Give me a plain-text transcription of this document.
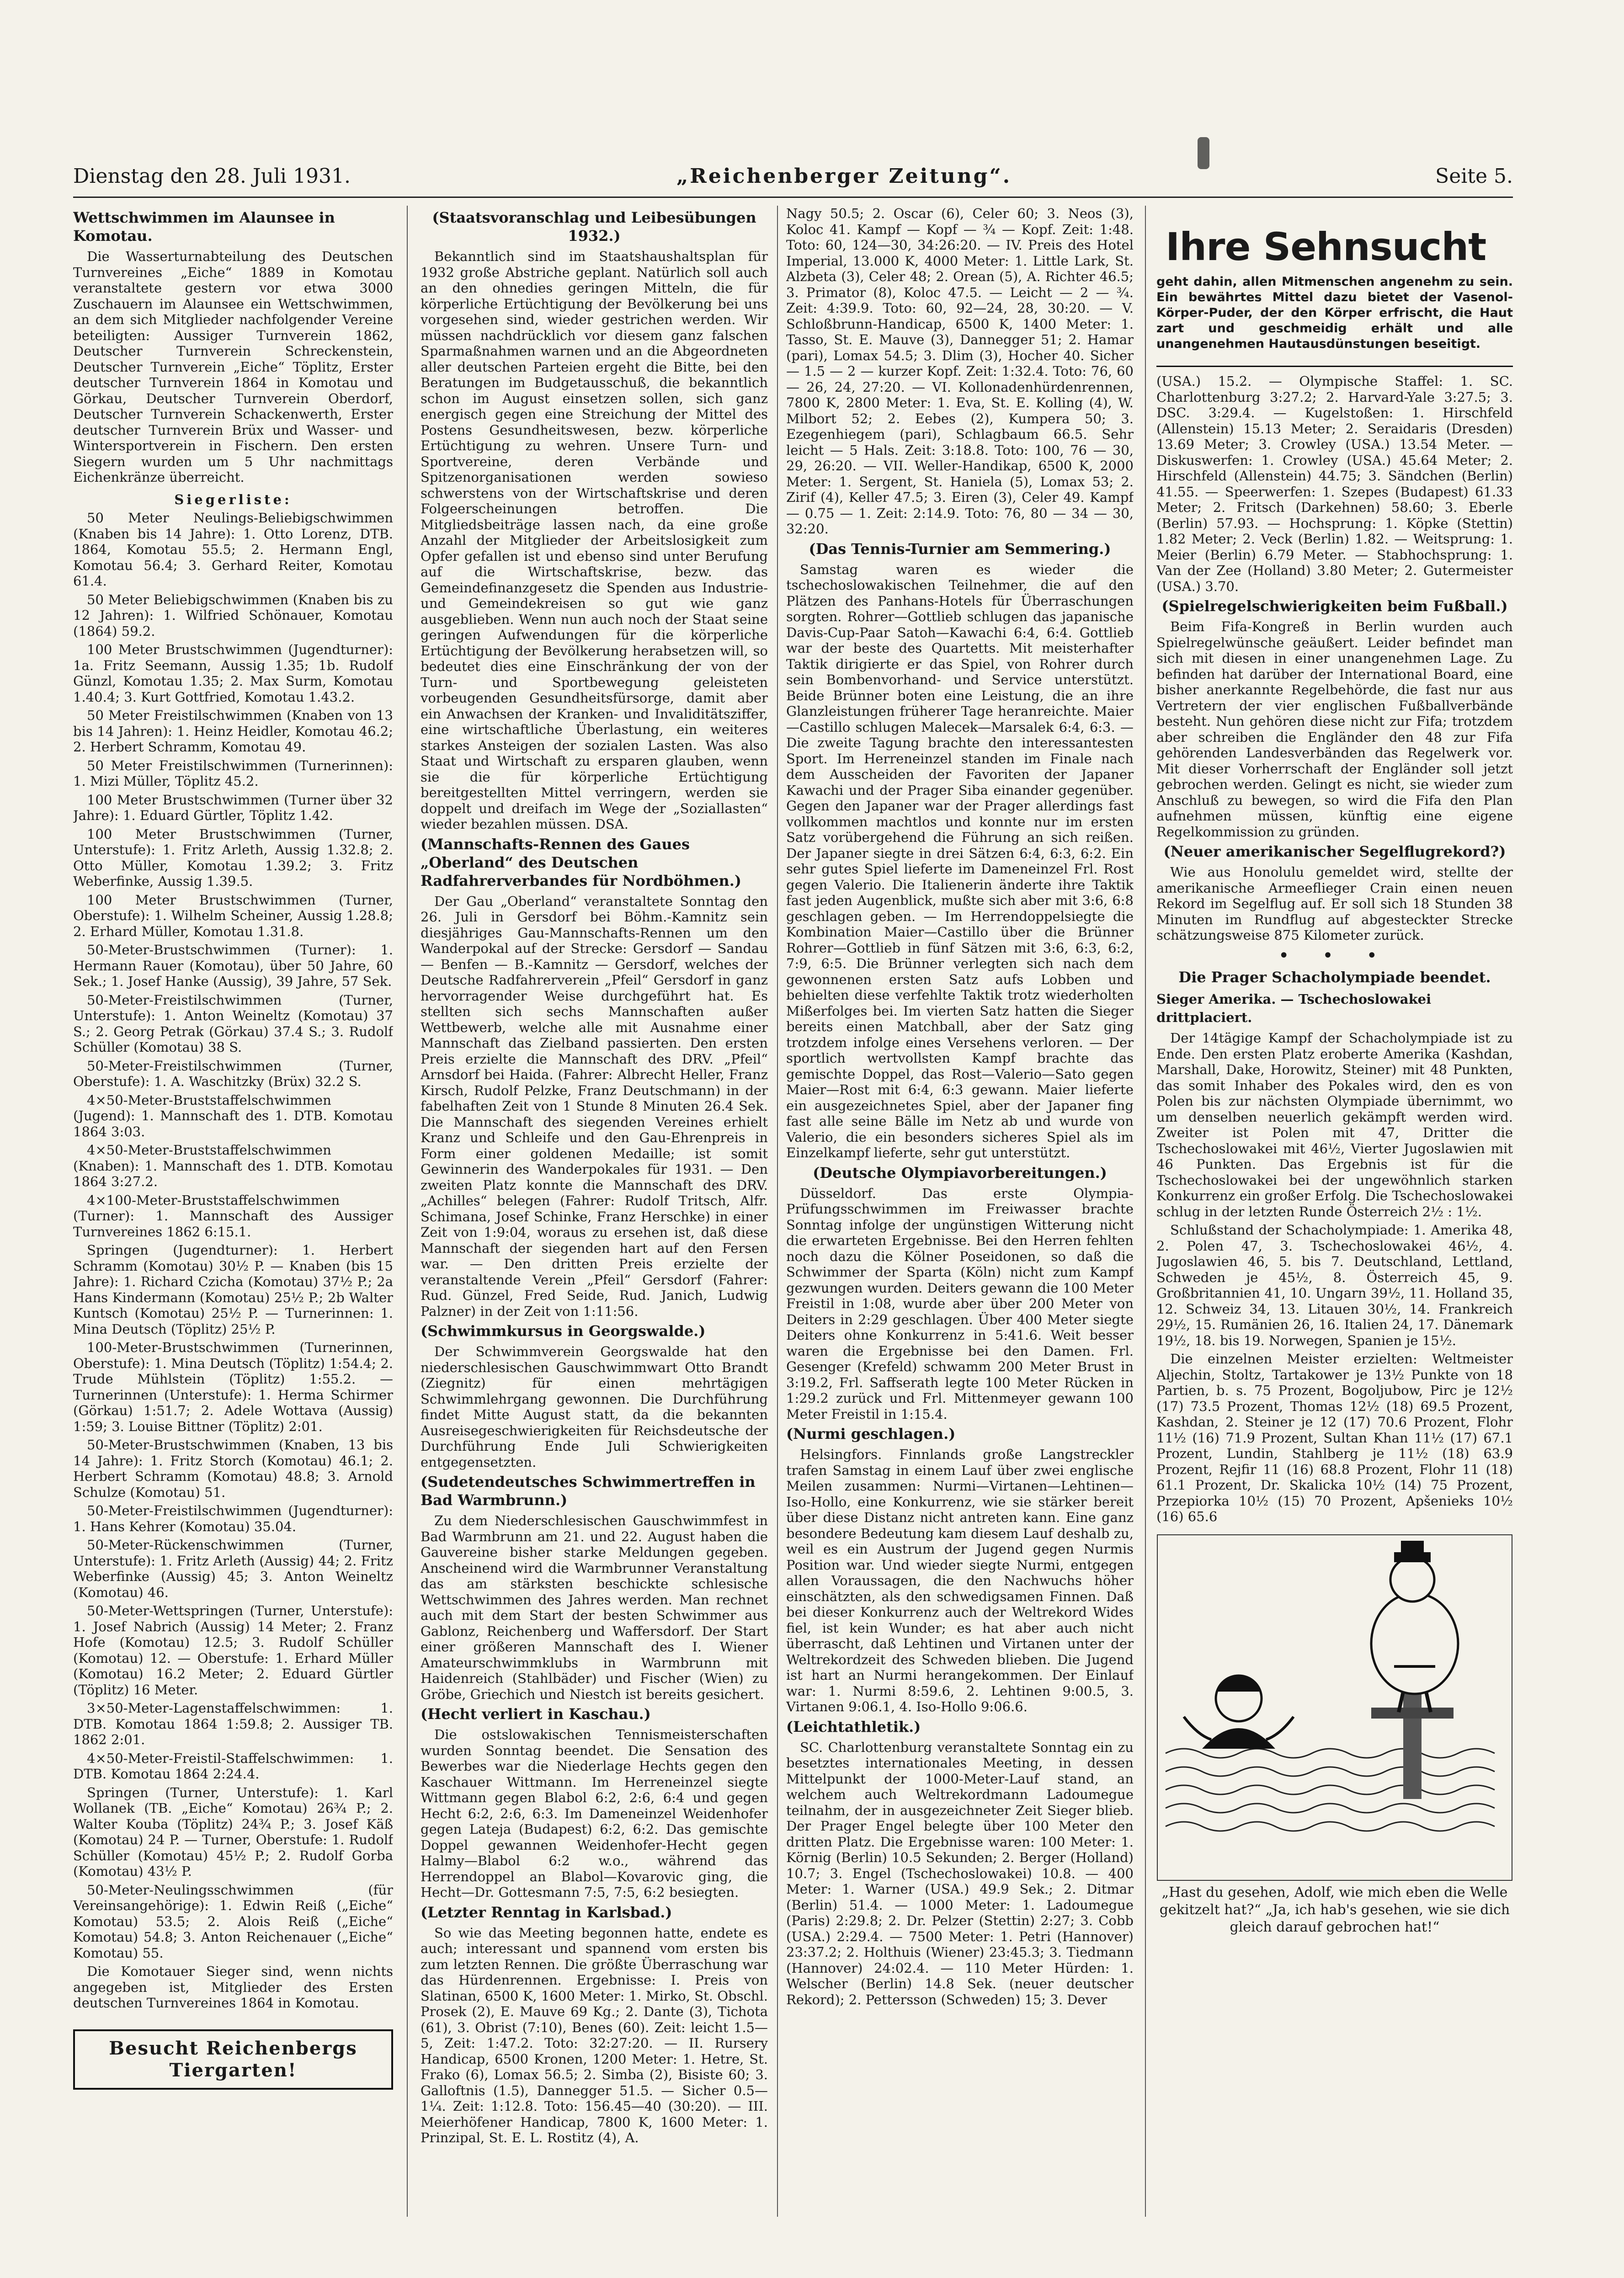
Dienstag den 28. Juli 1931.	„Reichenberger Zeitung“.	Seite 5.
Wettschwimmen im Alaunsee in Komotau.

Die Wasserturnabteilung des Deutschen Turnvereines „Eiche“ 1889 in Komotau veranstaltete gestern vor etwa 3000 Zuschauern im Alaunsee ein Wettschwimmen, an dem sich Mitglieder nachfolgender Vereine beteiligten: Aussiger Turnverein 1862, Deutscher Turnverein Schreckenstein, Deutscher Turnverein „Eiche“ Töplitz, Erster deutscher Turnverein 1864 in Komotau und Görkau, Deutscher Turnverein Oberdorf, Deutscher Turnverein Schackenwerth, Erster deutscher Turnverein Brüx und Wasser- und Wintersportverein in Fischern. Den ersten Siegern wurden um 5 Uhr nachmittags Eichenkränze überreicht.

Siegerliste:

50 Meter Neulings-Beliebigschwimmen (Knaben bis 14 Jahre): 1. Otto Lorenz, DTB. 1864, Komotau 55.5; 2. Hermann Engl, Komotau 56.4; 3. Gerhard Reiter, Komotau 61.4.

50 Meter Beliebigschwimmen (Knaben bis zu 12 Jahren): 1. Wilfried Schönauer, Komotau (1864) 59.2.

100 Meter Brustschwimmen (Jugendturner): 1a. Fritz Seemann, Aussig 1.35; 1b. Rudolf Günzl, Komotau 1.35; 2. Max Surm, Komotau 1.40.4; 3. Kurt Gottfried, Komotau 1.43.2.

50 Meter Freistilschwimmen (Knaben von 13 bis 14 Jahren): 1. Heinz Heidler, Komotau 46.2; 2. Herbert Schramm, Komotau 49.

50 Meter Freistilschwimmen (Turnerinnen): 1. Mizi Müller, Töplitz 45.2.

100 Meter Brustschwimmen (Turner über 32 Jahre): 1. Eduard Gürtler, Töplitz 1.42.

100 Meter Brustschwimmen (Turner, Unterstufe): 1. Fritz Arleth, Aussig 1.32.8; 2. Otto Müller, Komotau 1.39.2; 3. Fritz Weberfinke, Aussig 1.39.5.

100 Meter Brustschwimmen (Turner, Oberstufe): 1. Wilhelm Scheiner, Aussig 1.28.8; 2. Erhard Müller, Komotau 1.31.8.

50-Meter-Brustschwimmen (Turner): 1. Hermann Rauer (Komotau), über 50 Jahre, 60 Sek.; 1. Josef Hanke (Aussig), 39 Jahre, 57 Sek.

50-Meter-Freistilschwimmen (Turner, Unterstufe): 1. Anton Weineltz (Komotau) 37 S.; 2. Georg Petrak (Görkau) 37.4 S.; 3. Rudolf Schüller (Komotau) 38 S.

50-Meter-Freistilschwimmen (Turner, Oberstufe): 1. A. Waschitzky (Brüx) 32.2 S.

4×50-Meter-Bruststaffelschwimmen (Jugend): 1. Mannschaft des 1. DTB. Komotau 1864 3:03.

4×50-Meter-Bruststaffelschwimmen (Knaben): 1. Mannschaft des 1. DTB. Komotau 1864 3:27.2.

4×100-Meter-Bruststaffelschwimmen (Turner): 1. Mannschaft des Aussiger Turnvereines 1862 6:15.1.

Springen (Jugendturner): 1. Herbert Schramm (Komotau) 30½ P. — Knaben (bis 15 Jahre): 1. Richard Czicha (Komotau) 37½ P.; 2a Hans Kindermann (Komotau) 25½ P.; 2b Walter Kuntsch (Komotau) 25½ P. — Turnerinnen: 1. Mina Deutsch (Töplitz) 25½ P.

100-Meter-Brustschwimmen (Turnerinnen, Oberstufe): 1. Mina Deutsch (Töplitz) 1:54.4; 2. Trude Mühlstein (Töplitz) 1:55.2. — Turnerinnen (Unterstufe): 1. Herma Schirmer (Görkau) 1:51.7; 2. Adele Wottava (Aussig) 1:59; 3. Louise Bittner (Töplitz) 2:01.

50-Meter-Brustschwimmen (Knaben, 13 bis 14 Jahre): 1. Fritz Storch (Komotau) 46.1; 2. Herbert Schramm (Komotau) 48.8; 3. Arnold Schulze (Komotau) 51.

50-Meter-Freistilschwimmen (Jugendturner): 1. Hans Kehrer (Komotau) 35.04.

50-Meter-Rückenschwimmen (Turner, Unterstufe): 1. Fritz Arleth (Aussig) 44; 2. Fritz Weberfinke (Aussig) 45; 3. Anton Weineltz (Komotau) 46.

50-Meter-Wettspringen (Turner, Unterstufe): 1. Josef Nabrich (Aussig) 14 Meter; 2. Franz Hofe (Komotau) 12.5; 3. Rudolf Schüller (Komotau) 12. — Oberstufe: 1. Erhard Müller (Komotau) 16.2 Meter; 2. Eduard Gürtler (Töplitz) 16 Meter.

3×50-Meter-Lagenstaffelschwimmen: 1. DTB. Komotau 1864 1:59.8; 2. Aussiger TB. 1862 2:01.

4×50-Meter-Freistil-Staffelschwimmen: 1. DTB. Komotau 1864 2:24.4.

Springen (Turner, Unterstufe): 1. Karl Wollanek (TB. „Eiche“ Komotau) 26¾ P.; 2. Walter Kouba (Töplitz) 24¾ P.; 3. Josef Käß (Komotau) 24 P. — Turner, Oberstufe: 1. Rudolf Schüller (Komotau) 45½ P.; 2. Rudolf Gorba (Komotau) 43½ P.

50-Meter-Neulingsschwimmen (für Vereinsangehörige): 1. Edwin Reiß („Eiche“ Komotau) 53.5; 2. Alois Reiß („Eiche“ Komotau) 54.8; 3. Anton Reichenauer („Eiche“ Komotau) 55.

Die Komotauer Sieger sind, wenn nichts angegeben ist, Mitglieder des Ersten deutschen Turnvereines 1864 in Komotau.

Besucht Reichenbergs Tiergarten!
(Staatsvoranschlag und Leibesübungen 1932.)

Bekanntlich sind im Staatshaushaltsplan für 1932 große Abstriche geplant. Natürlich soll auch an den ohnedies geringen Mitteln, die für körperliche Ertüchtigung der Bevölkerung bei uns vorgesehen sind, wieder gestrichen werden. Wir müssen nachdrücklich vor diesem ganz falschen Sparmaßnahmen warnen und an die Abgeordneten aller deutschen Parteien ergeht die Bitte, bei den Beratungen im Budgetausschuß, die bekanntlich schon im August einsetzen sollen, sich ganz energisch gegen eine Streichung der Mittel des Postens Gesundheitswesen, bezw. körperliche Ertüchtigung zu wehren. Unsere Turn- und Sportvereine, deren Verbände und Spitzenorganisationen werden sowieso schwerstens von der Wirtschaftskrise und deren Folgeerscheinungen betroffen. Die Mitgliedsbeiträge lassen nach, da eine große Anzahl der Mitglieder der Arbeitslosigkeit zum Opfer gefallen ist und ebenso sind unter Berufung auf die Wirtschaftskrise, bezw. das Gemeindefinanzgesetz die Spenden aus Industrie- und Gemeindekreisen so gut wie ganz ausgeblieben. Wenn nun auch noch der Staat seine geringen Aufwendungen für die körperliche Ertüchtigung der Bevölkerung herabsetzen will, so bedeutet dies eine Einschränkung der von der Turn- und Sportbewegung geleisteten vorbeugenden Gesundheitsfürsorge, damit aber ein Anwachsen der Kranken- und Invaliditätsziffer, eine wirtschaftliche Überlastung, ein weiteres starkes Ansteigen der sozialen Lasten. Was also Staat und Wirtschaft zu ersparen glauben, wenn sie die für körperliche Ertüchtigung bereitgestellten Mittel verringern, werden sie doppelt und dreifach im Wege der „Soziallasten“ wieder bezahlen müssen. DSA.

(Mannschafts-Rennen des Gaues „Oberland“ des Deutschen Radfahrerverbandes für Nordböhmen.)

Der Gau „Oberland“ veranstaltete Sonntag den 26. Juli in Gersdorf bei Böhm.-Kamnitz sein diesjähriges Gau-Mannschafts-Rennen um den Wanderpokal auf der Strecke: Gersdorf — Sandau — Benfen — B.-Kamnitz — Gersdorf, welches der Deutsche Radfahrerverein „Pfeil“ Gersdorf in ganz hervorragender Weise durchgeführt hat. Es stellten sich sechs Mannschaften außer Wettbewerb, welche alle mit Ausnahme einer Mannschaft das Zielband passierten. Den ersten Preis erzielte die Mannschaft des DRV. „Pfeil“ Arnsdorf bei Haida. (Fahrer: Albrecht Heller, Franz Kirsch, Rudolf Pelzke, Franz Deutschmann) in der fabelhaften Zeit von 1 Stunde 8 Minuten 26.4 Sek. Die Mannschaft des siegenden Vereines erhielt Kranz und Schleife und den Gau-Ehrenpreis in Form einer goldenen Medaille; ist somit Gewinnerin des Wanderpokales für 1931. — Den zweiten Platz konnte die Mannschaft des DRV. „Achilles“ belegen (Fahrer: Rudolf Tritsch, Alfr. Schimana, Josef Schinke, Franz Herschke) in einer Zeit von 1:9:04, woraus zu ersehen ist, daß diese Mannschaft der siegenden hart auf den Fersen war. — Den dritten Preis erzielte der veranstaltende Verein „Pfeil“ Gersdorf (Fahrer: Rud. Günzel, Fred Seide, Rud. Janich, Ludwig Palzner) in der Zeit von 1:11:56.

(Schwimmkursus in Georgswalde.)

Der Schwimmverein Georgswalde hat den niederschlesischen Gauschwimmwart Otto Brandt (Ziegnitz) für einen mehrtägigen Schwimmlehrgang gewonnen. Die Durchführung findet Mitte August statt, da die bekannten Ausreisegeschwierigkeiten für Reichsdeutsche der Durchführung Ende Juli Schwierigkeiten entgegensetzten.

(Sudetendeutsches Schwimmertreffen in Bad Warmbrunn.)

Zu dem Niederschlesischen Gauschwimmfest in Bad Warmbrunn am 21. und 22. August haben die Gauvereine bisher starke Meldungen gegeben. Anscheinend wird die Warmbrunner Veranstaltung das am stärksten beschickte schlesische Wettschwimmen des Jahres werden. Man rechnet auch mit dem Start der besten Schwimmer aus Gablonz, Reichenberg und Waffersdorf. Der Start einer größeren Mannschaft des I. Wiener Amateurschwimmklubs in Warmbrunn mit Haidenreich (Stahlbäder) und Fischer (Wien) zu Gröbe, Griechich und Niestch ist bereits gesichert.

(Hecht verliert in Kaschau.)

Die ostslowakischen Tennismeisterschaften wurden Sonntag beendet. Die Sensation des Bewerbes war die Niederlage Hechts gegen den Kaschauer Wittmann. Im Herreneinzel siegte Wittmann gegen Blabol 6:2, 2:6, 6:4 und gegen Hecht 6:2, 2:6, 6:3. Im Dameneinzel Weidenhofer gegen Lateja (Budapest) 6:2, 6:2. Das gemischte Doppel gewannen Weidenhofer-Hecht gegen Halmy—Blabol 6:2 w.o., während das Herrendoppel an Blabol—Kovarovic ging, die Hecht—Dr. Gottesmann 7:5, 7:5, 6:2 besiegten.

(Letzter Renntag in Karlsbad.)

So wie das Meeting begonnen hatte, endete es auch; interessant und spannend vom ersten bis zum letzten Rennen. Die größte Überraschung war das Hürdenrennen. Ergebnisse: I. Preis von Slatinan, 6500 K, 1600 Meter: 1. Mirko, St. Obschl. Prosek (2), E. Mauve 69 Kg.; 2. Dante (3), Tichota (61), 3. Obrist (7:10), Benes (60). Zeit: leicht 1.5—5, Zeit: 1:47.2. Toto: 32:27:20. — II. Rursery Handicap, 6500 Kronen, 1200 Meter: 1. Hetre, St. Frako (6), Lomax 56.5; 2. Simba (2), Bisiste 60; 3. Galloftnis (1.5), Dannegger 51.5. — Sicher 0.5—1¼. Zeit: 1:12.8. Toto: 156.45—40 (30:20). — III. Meierhöfener Handicap, 7800 K, 1600 Meter: 1. Prinzipal, St. E. L. Rostitz (4), A.

Nagy 50.5; 2. Oscar (6), Celer 60; 3. Neos (3), Koloc 41. Kampf — Kopf — ¾ — Kopf. Zeit: 1:48. Toto: 60, 124—30, 34:26:20. — IV. Preis des Hotel Imperial, 13.000 K, 4000 Meter: 1. Little Lark, St. Alzbeta (3), Celer 48; 2. Orean (5), A. Richter 46.5; 3. Primator (8), Koloc 47.5. — Leicht — 2 — ¾. Zeit: 4:39.9. Toto: 60, 92—24, 28, 30:20. — V. Schloßbrunn-Handicap, 6500 K, 1400 Meter: 1. Tasso, St. E. Mauve (3), Dannegger 51; 2. Hamar (pari), Lomax 54.5; 3. Dlim (3), Hocher 40. Sicher — 1.5 — 2 — kurzer Kopf. Zeit: 1:32.4. Toto: 76, 60 — 26, 24, 27:20. — VI. Kollonadenhürdenrennen, 7800 K, 2800 Meter: 1. Eva, St. E. Kolling (4), W. Milbort 52; 2. Eebes (2), Kumpera 50; 3. Ezegenhiegem (pari), Schlagbaum 66.5. Sehr leicht — 5 Hals. Zeit: 3:18.8. Toto: 100, 76 — 30, 29, 26:20. — VII. Weller-Handikap, 6500 K, 2000 Meter: 1. Sergent, St. Haniela (5), Lomax 53; 2. Zirif (4), Keller 47.5; 3. Eiren (3), Celer 49. Kampf — 0.75 — 1. Zeit: 2:14.9. Toto: 76, 80 — 34 — 30, 32:20.

(Das Tennis-Turnier am Semmering.)

Samstag waren es wieder die tschechoslowakischen Teilnehmer, die auf den Plätzen des Panhans-Hotels für Überraschungen sorgten. Rohrer—Gottlieb schlugen das japanische Davis-Cup-Paar Satoh—Kawachi 6:4, 6:4. Gottlieb war der beste des Quartetts. Mit meisterhafter Taktik dirigierte er das Spiel, von Rohrer durch sein Bombenvorhand- und Service unterstützt. Beide Brünner boten eine Leistung, die an ihre Glanzleistungen früherer Tage heranreichte. Maier—Castillo schlugen Malecek—Marsalek 6:4, 6:3. — Die zweite Tagung brachte den interessantesten Sport. Im Herreneinzel standen im Finale nach dem Ausscheiden der Favoriten der Japaner Kawachi und der Prager Siba einander gegenüber. Gegen den Japaner war der Prager allerdings fast vollkommen machtlos und konnte nur im ersten Satz vorübergehend die Führung an sich reißen. Der Japaner siegte in drei Sätzen 6:4, 6:3, 6:2. Ein sehr gutes Spiel lieferte im Dameneinzel Frl. Rost gegen Valerio. Die Italienerin änderte ihre Taktik fast jeden Augenblick, mußte sich aber mit 3:6, 6:8 geschlagen geben. — Im Herrendoppelsiegte die Kombination Maier—Castillo über die Brünner Rohrer—Gottlieb in fünf Sätzen mit 3:6, 6:3, 6:2, 7:9, 6:5. Die Brünner verlegten sich nach dem gewonnenen ersten Satz aufs Lobben und behielten diese verfehlte Taktik trotz wiederholten Mißerfolges bei. Im vierten Satz hatten die Sieger bereits einen Matchball, aber der Satz ging trotzdem infolge eines Versehens verloren. — Der sportlich wertvollsten Kampf brachte das gemischte Doppel, das Rost—Valerio—Sato gegen Maier—Rost mit 6:4, 6:3 gewann. Maier lieferte ein ausgezeichnetes Spiel, aber der Japaner fing fast alle seine Bälle im Netz ab und wurde von Valerio, die ein besonders sicheres Spiel als im Einzelkampf lieferte, sehr gut unterstützt.

(Deutsche Olympiavorbereitungen.)

Düsseldorf. Das erste Olympia-Prüfungsschwimmen im Freiwasser brachte Sonntag infolge der ungünstigen Witterung nicht die erwarteten Ergebnisse. Bei den Herren fehlten noch dazu die Kölner Poseidonen, so daß die Schwimmer der Sparta (Köln) nicht zum Kampf gezwungen wurden. Deiters gewann die 100 Meter Freistil in 1:08, wurde aber über 200 Meter von Deiters in 2:29 geschlagen. Über 400 Meter siegte Deiters ohne Konkurrenz in 5:41.6. Weit besser waren die Ergebnisse bei den Damen. Frl. Gesenger (Krefeld) schwamm 200 Meter Brust in 3:19.2, Frl. Saffserath legte 100 Meter Rücken in 1:29.2 zurück und Frl. Mittenmeyer gewann 100 Meter Freistil in 1:15.4.

(Nurmi geschlagen.)

Helsingfors. Finnlands große Langstreckler trafen Samstag in einem Lauf über zwei englische Meilen zusammen: Nurmi—Virtanen—Lehtinen—Iso-Hollo, eine Konkurrenz, wie sie stärker bereit über diese Distanz nicht antreten kann. Eine ganz besondere Bedeutung kam diesem Lauf deshalb zu, weil es ein Austrum der Jugend gegen Nurmis Position war. Und wieder siegte Nurmi, entgegen allen Voraussagen, die den Nachwuchs höher einschätzten, als den schwedigsamen Finnen. Daß bei dieser Konkurrenz auch der Weltrekord Wides fiel, ist kein Wunder; es hat aber auch nicht überrascht, daß Lehtinen und Virtanen unter der Weltrekordzeit des Schweden blieben. Die Jugend ist hart an Nurmi herangekommen. Der Einlauf war: 1. Nurmi 8:59.6, 2. Lehtinen 9:00.5, 3. Virtanen 9:06.1, 4. Iso-Hollo 9:06.6.

(Leichtathletik.)

SC. Charlottenburg veranstaltete Sonntag ein zu besetztes internationales Meeting, in dessen Mittelpunkt der 1000-Meter-Lauf stand, an welchem auch Weltrekordmann Ladoumegue teilnahm, der in ausgezeichneter Zeit Sieger blieb. Der Prager Engel belegte über 100 Meter den dritten Platz. Die Ergebnisse waren: 100 Meter: 1. Körnig (Berlin) 10.5 Sekunden; 2. Berger (Holland) 10.7; 3. Engel (Tschechoslowakei) 10.8. — 400 Meter: 1. Warner (USA.) 49.9 Sek.; 2. Ditmar (Berlin) 51.4. — 1000 Meter: 1. Ladoumegue (Paris) 2:29.8; 2. Dr. Pelzer (Stettin) 2:27; 3. Cobb (USA.) 2:29.4. — 7500 Meter: 1. Petri (Hannover) 23:37.2; 2. Holthuis (Wiener) 23:45.3; 3. Tiedmann (Hannover) 24:02.4. — 110 Meter Hürden: 1. Welscher (Berlin) 14.8 Sek. (neuer deutscher Rekord); 2. Pettersson (Schweden) 15; 3. Dever

Ihre Sehnsucht
geht dahin, allen Mitmenschen angenehm zu sein. Ein bewährtes Mittel dazu bietet der Vasenol-Körper-Puder, der den Körper erfrischt, die Haut zart und geschmeidig erhält und alle unangenehmen Hautausdünstungen beseitigt.

(USA.) 15.2. — Olympische Staffel: 1. SC. Charlottenburg 3:27.2; 2. Harvard-Yale 3:27.5; 3. DSC. 3:29.4. — Kugelstoßen: 1. Hirschfeld (Allenstein) 15.13 Meter; 2. Seraidaris (Dresden) 13.69 Meter; 3. Crowley (USA.) 13.54 Meter. — Diskuswerfen: 1. Crowley (USA.) 45.64 Meter; 2. Hirschfeld (Allenstein) 44.75; 3. Sändchen (Berlin) 41.55. — Speerwerfen: 1. Szepes (Budapest) 61.33 Meter; 2. Fritsch (Darkehnen) 58.60; 3. Eberle (Berlin) 57.93. — Hochsprung: 1. Köpke (Stettin) 1.82 Meter; 2. Veck (Berlin) 1.82. — Weitsprung: 1. Meier (Berlin) 6.79 Meter. — Stabhochsprung: 1. Van der Zee (Holland) 3.80 Meter; 2. Gutermeister (USA.) 3.70.

(Spielregelschwierigkeiten beim Fußball.)

Beim Fifa-Kongreß in Berlin wurden auch Spielregelwünsche geäußert. Leider befindet man sich mit diesen in einer unangenehmen Lage. Zu befinden hat darüber der International Board, eine bisher anerkannte Regelbehörde, die fast nur aus Vertretern der vier englischen Fußballverbände besteht. Nun gehören diese nicht zur Fifa; trotzdem aber schreiben die Engländer den 48 zur Fifa gehörenden Landesverbänden das Regelwerk vor. Mit dieser Vorherrschaft der Engländer soll jetzt gebrochen werden. Gelingt es nicht, sie wieder zum Anschluß zu bewegen, so wird die Fifa den Plan aufnehmen müssen, künftig eine eigene Regelkommission zu gründen.

(Neuer amerikanischer Segelflugrekord?)

Wie aus Honolulu gemeldet wird, stellte der amerikanische Armeeflieger Crain einen neuen Rekord im Segelflug auf. Er soll sich 18 Stunden 38 Minuten im Rundflug auf abgesteckter Strecke schätzungsweise 875 Kilometer zurück.

• • •
Die Prager Schacholympiade beendet.
Sieger Amerika. — Tschechoslowakei drittplaciert.

Der 14tägige Kampf der Schacholympiade ist zu Ende. Den ersten Platz eroberte Amerika (Kashdan, Marshall, Dake, Horowitz, Steiner) mit 48 Punkten, das somit Inhaber des Pokales wird, den es von Polen bis zur nächsten Olympiade übernimmt, wo um denselben neuerlich gekämpft werden wird. Zweiter ist Polen mit 47, Dritter die Tschechoslowakei mit 46½, Vierter Jugoslawien mit 46 Punkten. Das Ergebnis ist für die Tschechoslowakei bei der ungewöhnlich starken Konkurrenz ein großer Erfolg. Die Tschechoslowakei schlug in der letzten Runde Österreich 2½ : 1½.

Schlußstand der Schacholympiade: 1. Amerika 48, 2. Polen 47, 3. Tschechoslowakei 46½, 4. Jugoslawien 46, 5. bis 7. Deutschland, Lettland, Schweden je 45½, 8. Österreich 45, 9. Großbritannien 41, 10. Ungarn 39½, 11. Holland 35, 12. Schweiz 34, 13. Litauen 30½, 14. Frankreich 29½, 15. Rumänien 26, 16. Italien 24, 17. Dänemark 19½, 18. bis 19. Norwegen, Spanien je 15½.

Die einzelnen Meister erzielten: Weltmeister Aljechin, Stoltz, Tartakower je 13½ Punkte von 18 Partien, b. s. 75 Prozent, Bogoljubow, Pirc je 12½ (17) 73.5 Prozent, Thomas 12½ (18) 69.5 Prozent, Kashdan, 2. Steiner je 12 (17) 70.6 Prozent, Flohr 11½ (16) 71.9 Prozent, Sultan Khan 11½ (17) 67.1 Prozent, Lundin, Stahlberg je 11½ (18) 63.9 Prozent, Rejfir 11 (16) 68.8 Prozent, Flohr 11 (18) 61.1 Prozent, Dr. Skalicka 10½ (14) 75 Prozent, Przepiorka 10½ (15) 70 Prozent, Apšenieks 10½ (16) 65.6

„Hast du gesehen, Adolf, wie mich eben die Welle gekitzelt hat?“ „Ja, ich hab's gesehen, wie sie dich gleich darauf gebrochen hat!“
